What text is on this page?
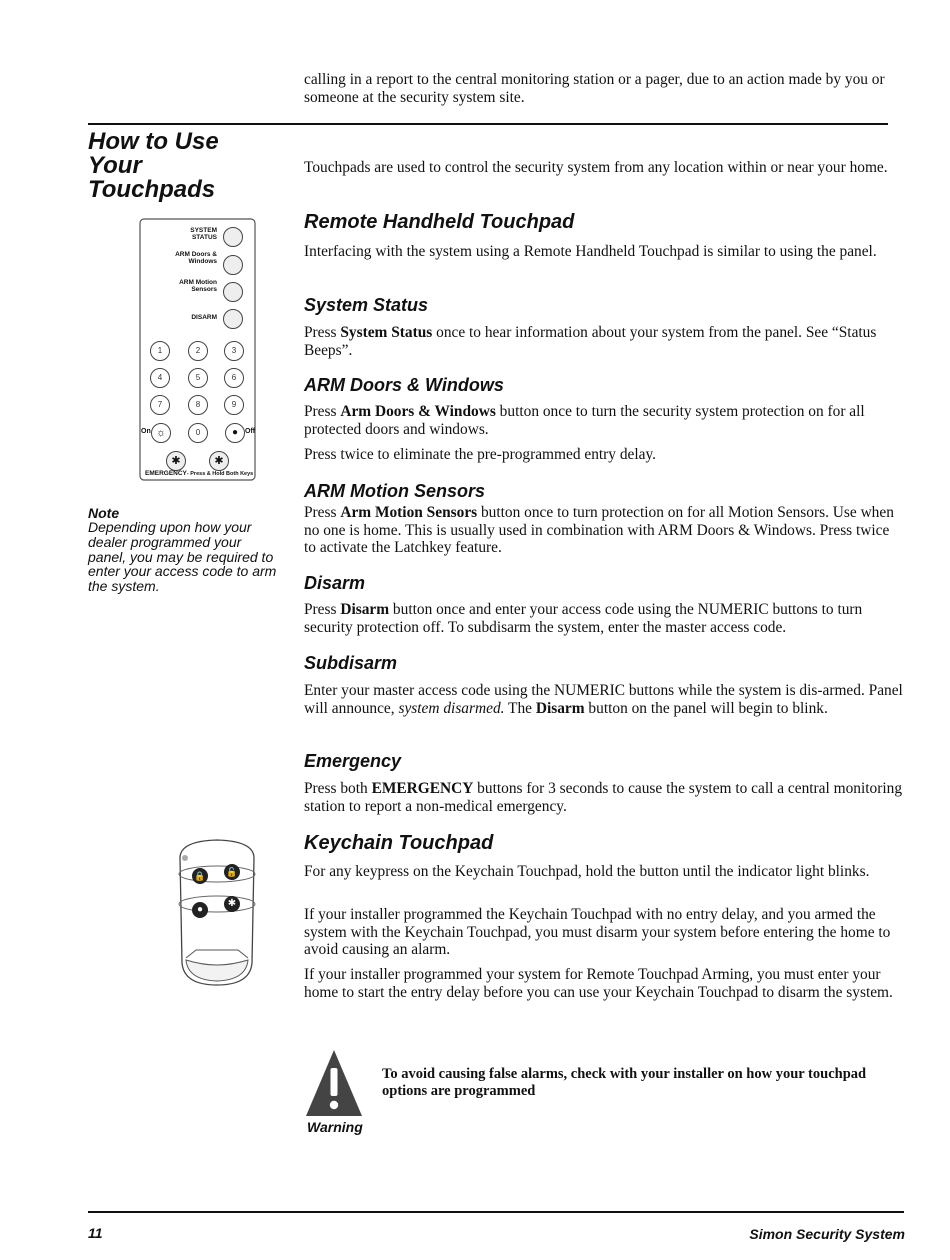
calling in a report to the central monitoring station or a pager, due to an action made by you or someone at the security system site.

How to Use Your Touchpads

Touchpads are used to control the security system from any location within or near your home.

SYSTEM STATUS
ARM Doors & Windows
ARM Motion Sensors
DISARM
1	2	3
4	5	6
7	8	9
0
On ☼	● Off
✱	✱
EMERGENCY- Press & Hold Both Keys
Note
Depending upon how your dealer programmed your panel, you may be required to enter your access code to arm the system.
Remote Handheld Touchpad

Interfacing with the system using a Remote Handheld Touchpad is similar to using the panel.

System Status

Press System Status once to hear information about your system from the panel. See “Status Beeps”.

ARM Doors & Windows

Press Arm Doors & Windows button once to turn the security system protection on for all protected doors and windows.

Press twice to eliminate the pre-programmed entry delay.

ARM Motion Sensors

Press Arm Motion Sensors button once to turn protection on for all Motion Sensors. Use when no one is home. This is usually used in combination with ARM Doors & Windows. Press twice to activate the Latchkey feature.

Disarm

Press Disarm button once and enter your access code using the NUMERIC buttons to turn security protection off. To subdisarm the system, enter the master access code.

Subdisarm

Enter your master access code using the NUMERIC buttons while the system is dis-armed. Panel will announce, system disarmed. The Disarm button on the panel will begin to blink.

Emergency

Press both EMERGENCY buttons for 3 seconds to cause the system to call a central monitoring station to report a non-medical emergency.

🔒 🔓
●
✱
Keychain Touchpad

For any keypress on the Keychain Touchpad, hold the button until the indicator light blinks.

If your installer programmed the Keychain Touchpad with no entry delay, and you armed the system with the Keychain Touchpad, you must disarm your system before entering the home to avoid causing an alarm.

If your installer programmed your system for Remote Touchpad Arming, you must enter your home to start the entry delay before you can use your Keychain Touchpad to disarm the system.

Warning
To avoid causing false alarms, check with your installer on how your touchpad options are programmed
11	Simon Security System
